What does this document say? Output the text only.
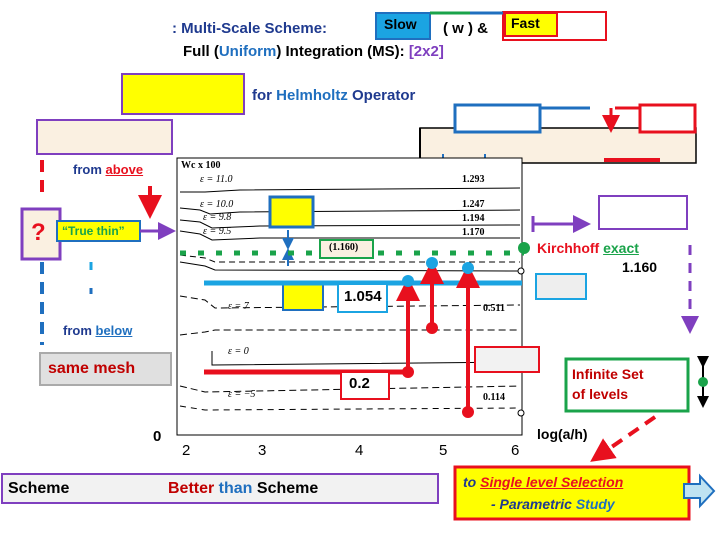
: Multi-Scale Scheme:	Slow ( w ) & Fast
Full (Uniform) Integration (MS): [2x2]
for Helmholtz Operator
from above
? “True thin”
from below
same mesh
0
Wc x 100
ε = 11.0	1.293
ε = 10.0	1.247
ε = 9.8	1.194
ε = 9.5	1.170
(1.160)
ε = 7	0.511
ε = 0
ε = −5	0.114
2	3	4	5	6
log(a/h)
1.054
0.2
Kirchhoff exact
1.160
Infinite Set
of levels
Scheme	Better than Scheme	to Single level Selection
- Parametric Study
